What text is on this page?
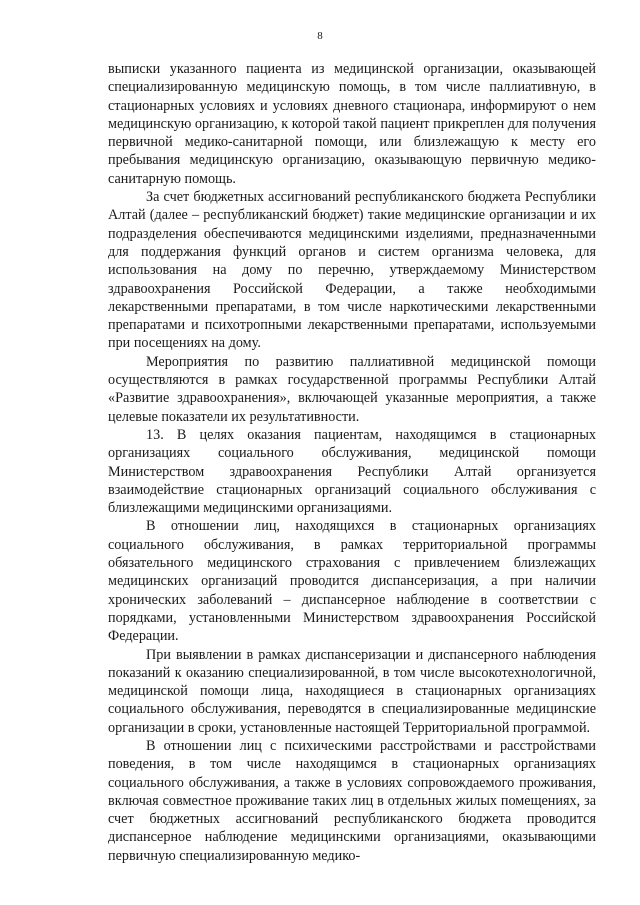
8

выписки указанного пациента из медицинской организации, оказывающей специализированную медицинскую помощь, в том числе паллиативную, в стационарных условиях и условиях дневного стационара, информируют о нем медицинскую организацию, к которой такой пациент прикреплен для получения первичной медико-санитарной помощи, или близлежащую к месту его пребывания медицинскую организацию, оказывающую первичную медико-санитарную помощь.

За счет бюджетных ассигнований республиканского бюджета Республики Алтай (далее – республиканский бюджет) такие медицинские организации и их подразделения обеспечиваются медицинскими изделиями, предназначенными для поддержания функций органов и систем организма человека, для использования на дому по перечню, утверждаемому Министерством здравоохранения Российской Федерации, а также необходимыми лекарственными препаратами, в том числе наркотическими лекарственными препаратами и психотропными лекарственными препаратами, используемыми при посещениях на дому.

Мероприятия по развитию паллиативной медицинской помощи осуществляются в рамках государственной программы Республики Алтай «Развитие здравоохранения», включающей указанные мероприятия, а также целевые показатели их результативности.

13. В целях оказания пациентам, находящимся в стационарных организациях социального обслуживания, медицинской помощи Министерством здравоохранения Республики Алтай организуется взаимодействие стационарных организаций социального обслуживания с близлежащими медицинскими организациями.

В отношении лиц, находящихся в стационарных организациях социального обслуживания, в рамках территориальной программы обязательного медицинского страхования с привлечением близлежащих медицинских организаций проводится диспансеризация, а при наличии хронических заболеваний – диспансерное наблюдение в соответствии с порядками, установленными Министерством здравоохранения Российской Федерации.

При выявлении в рамках диспансеризации и диспансерного наблюдения показаний к оказанию специализированной, в том числе высокотехнологичной, медицинской помощи лица, находящиеся в стационарных организациях социального обслуживания, переводятся в специализированные медицинские организации в сроки, установленные настоящей Территориальной программой.

В отношении лиц с психическими расстройствами и расстройствами поведения, в том числе находящимся в стационарных организациях социального обслуживания, а также в условиях сопровождаемого проживания, включая совместное проживание таких лиц в отдельных жилых помещениях, за счет бюджетных ассигнований республиканского бюджета проводится диспансерное наблюдение медицинскими организациями, оказывающими первичную специализированную медико-
